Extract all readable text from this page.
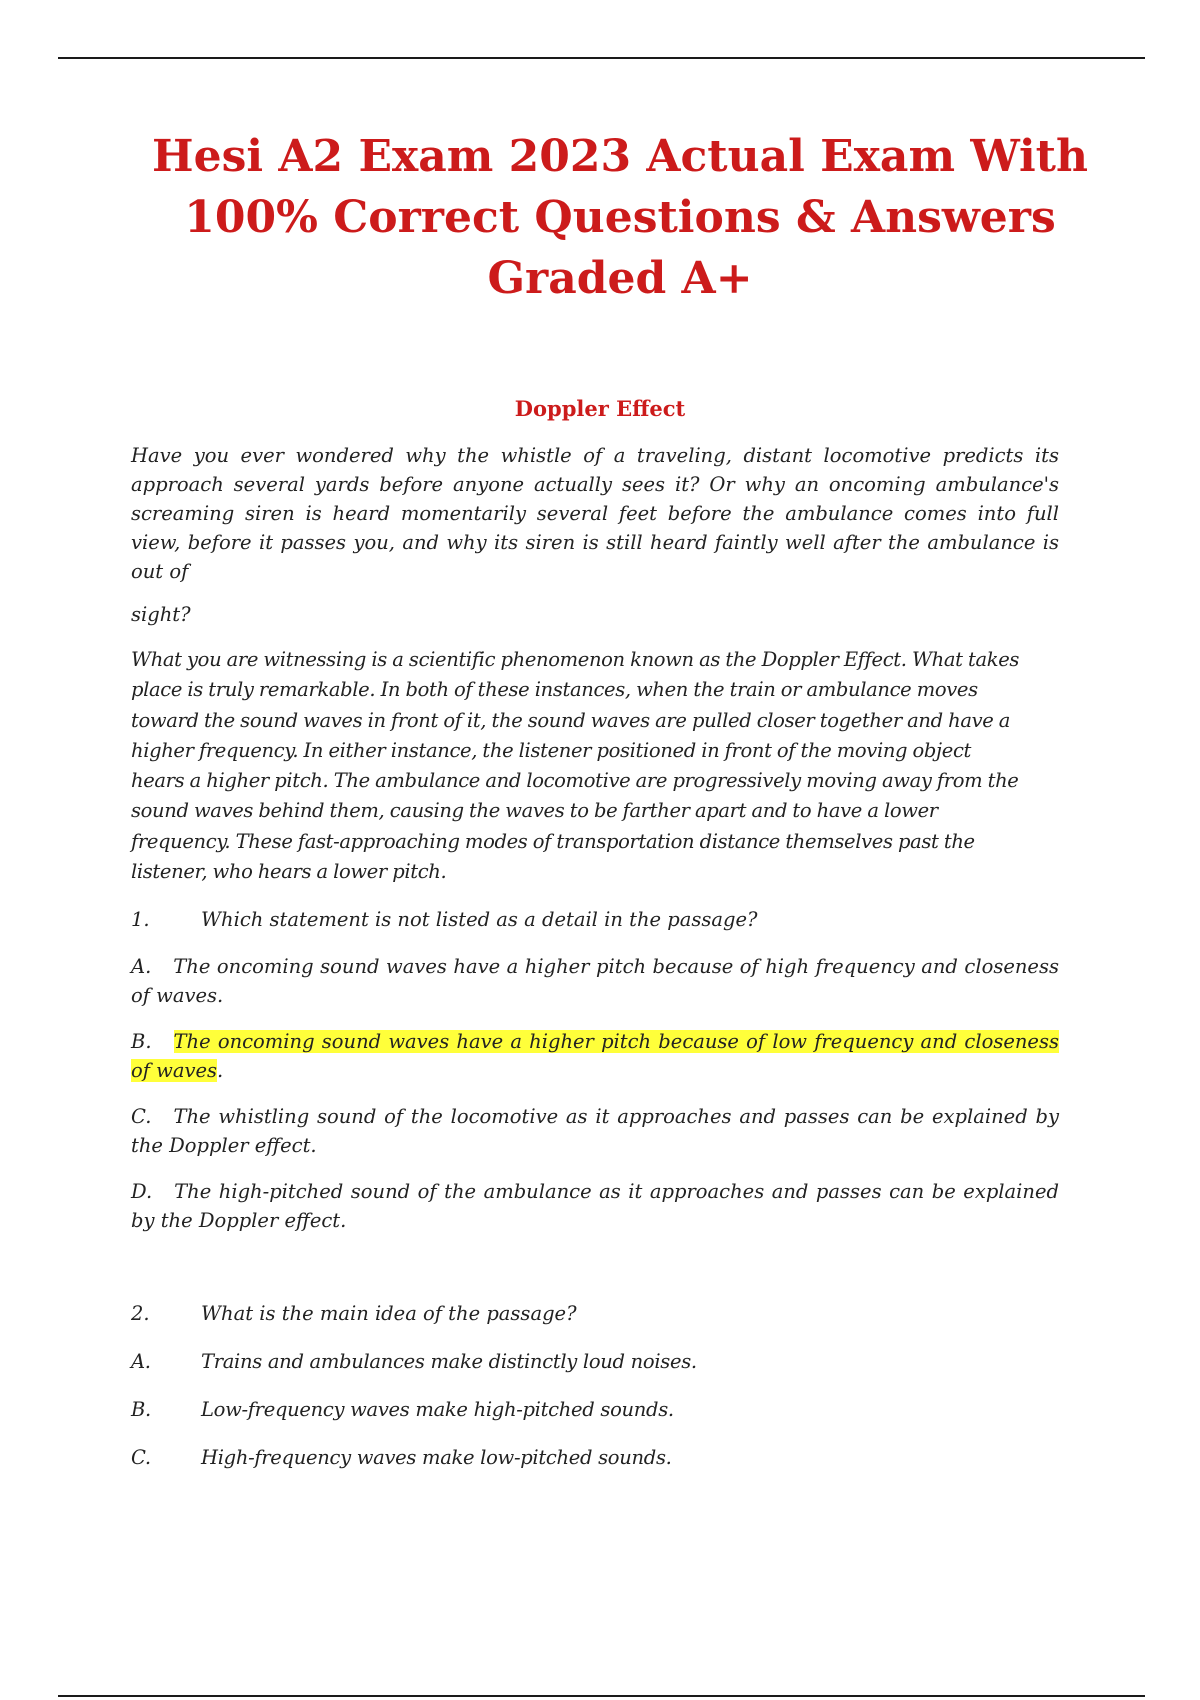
Hesi A2 Exam 2023 Actual Exam With
100% Correct Questions & Answers
Graded A+
Doppler Effect

Have you ever wondered why the whistle of a traveling, distant locomotive predicts its approach several yards before anyone actually sees it? Or why an oncoming ambulance's screaming siren is heard momentarily several feet before the ambulance comes into full view, before it passes you, and why its siren is still heard faintly well after the ambulance is out of

sight?

What you are witnessing is a scientific phenomenon known as the Doppler Effect. What takes
place is truly remarkable. In both of these instances, when the train or ambulance moves
toward the sound waves in front of it, the sound waves are pulled closer together and have a
higher frequency. In either instance, the listener positioned in front of the moving object
hears a higher pitch. The ambulance and locomotive are progressively moving away from the
sound waves behind them, causing the waves to be farther apart and to have a lower
frequency. These fast-approaching modes of transportation distance themselves past the
listener, who hears a lower pitch.

1.	Which statement is not listed as a detail in the passage?

A. The oncoming sound waves have a higher pitch because of high frequency and closeness of waves.

B. The oncoming sound waves have a higher pitch because of low frequency and closeness of waves.

C. The whistling sound of the locomotive as it approaches and passes can be explained by the Doppler effect.

D. The high-pitched sound of the ambulance as it approaches and passes can be explained by the Doppler effect.

2.	What is the main idea of the passage?

A.	Trains and ambulances make distinctly loud noises.

B.	Low-frequency waves make high-pitched sounds.

C.	High-frequency waves make low-pitched sounds.
